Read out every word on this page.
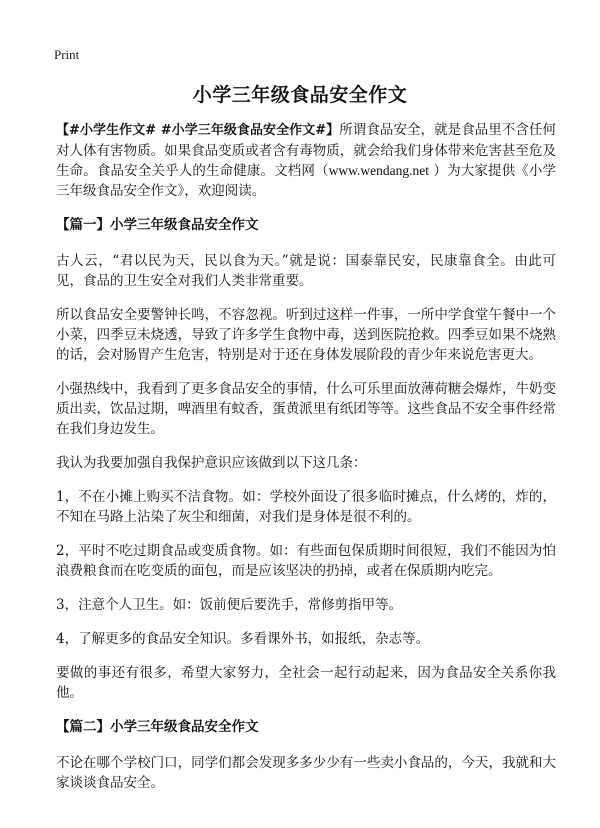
Print
小学三年级食品安全作文

【#小学生作文# #小学三年级食品安全作文#】所谓食品安全，就是食品里不含任何对人体有害物质。如果食品变质或者含有毒物质，就会给我们身体带来危害甚至危及生命。食品安全关乎人的生命健康。文档网（www.wendang.net ）为大家提供《小学三年级食品安全作文》，欢迎阅读。

【篇一】小学三年级食品安全作文

古人云，“君以民为天，民以食为天。”就是说：国泰靠民安，民康靠食全。由此可见，食品的卫生安全对我们人类非常重要。

所以食品安全要警钟长鸣，不容忽视。听到过这样一件事，一所中学食堂午餐中一个小菜，四季豆未烧透，导致了许多学生食物中毒，送到医院抢救。四季豆如果不烧熟的话，会对肠胃产生危害，特别是对于还在身体发展阶段的青少年来说危害更大。

小强热线中，我看到了更多食品安全的事情，什么可乐里面放薄荷糖会爆炸，牛奶变质出卖，饮品过期，啤酒里有蚊香，蛋黄派里有纸团等等。这些食品不安全事件经常在我们身边发生。

我认为我要加强自我保护意识应该做到以下这几条：

1，不在小摊上购买不洁食物。如：学校外面设了很多临时摊点，什么烤的，炸的，不知在马路上沾染了灰尘和细菌，对我们是身体是很不利的。

2，平时不吃过期食品或变质食物。如：有些面包保质期时间很短，我们不能因为怕浪费粮食而在吃变质的面包，而是应该坚决的扔掉，或者在保质期内吃完。

3，注意个人卫生。如：饭前便后要洗手，常修剪指甲等。

4，了解更多的食品安全知识。多看课外书，如报纸，杂志等。

要做的事还有很多，希望大家努力，全社会一起行动起来，因为食品安全关系你我他。

【篇二】小学三年级食品安全作文

不论在哪个学校门口，同学们都会发现多多少少有一些卖小食品的，今天，我就和大家谈谈食品安全。
